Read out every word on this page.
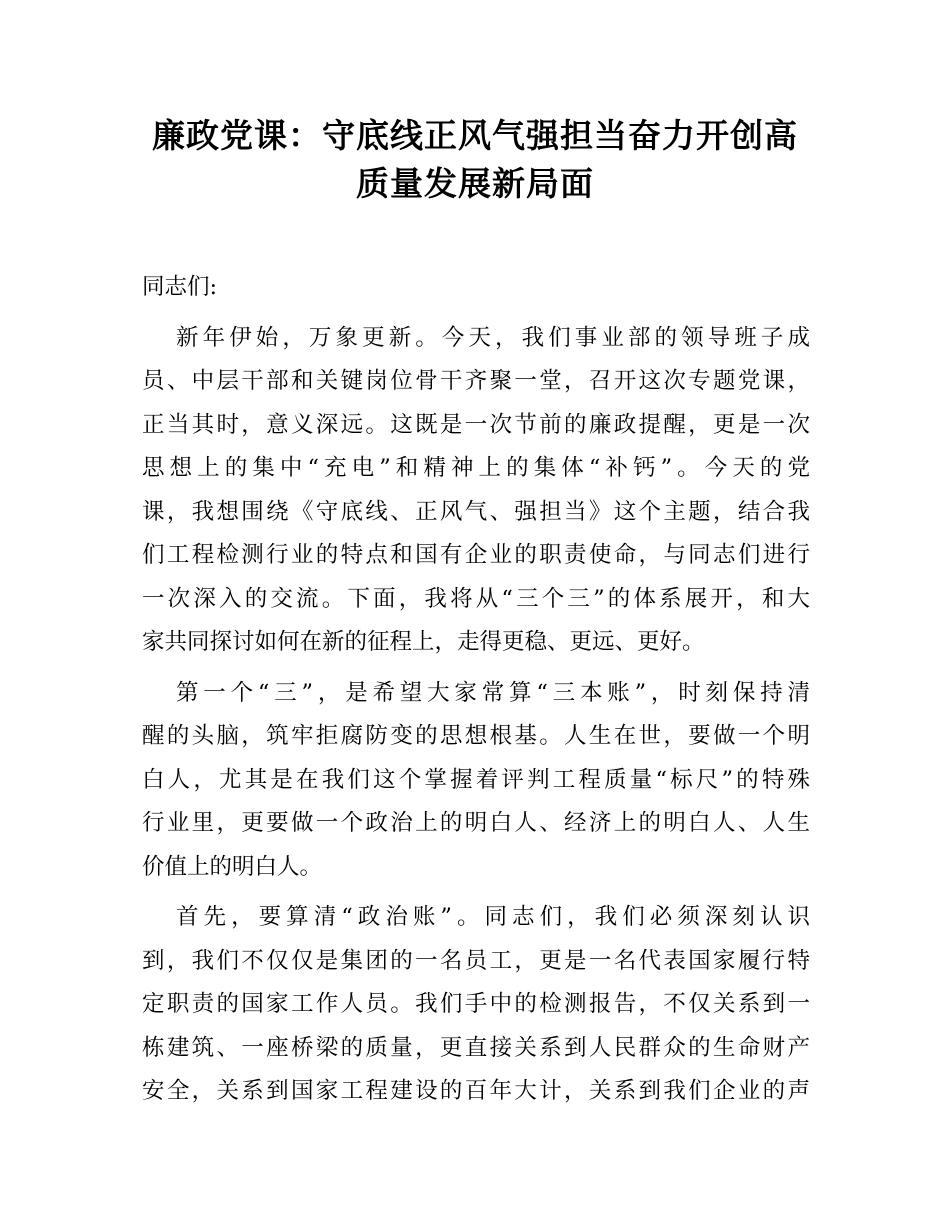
廉政党课：守底线正风气强担当奋力开创高
质量发展新局面

同志们:

新年伊始，万象更新。今天，我们事业部的领导班子成
员、中层干部和关键岗位骨干齐聚一堂，召开这次专题党课，
正当其时，意义深远。这既是一次节前的廉政提醒，更是一次
思想上的集中“充电”和精神上的集体“补钙”。今天的党
课，我想围绕《守底线、正风气、强担当》这个主题，结合我
们工程检测行业的特点和国有企业的职责使命，与同志们进行
一次深入的交流。下面，我将从“三个三”的体系展开，和大
家共同探讨如何在新的征程上，走得更稳、更远、更好。

第一个“三”，是希望大家常算“三本账”，时刻保持清
醒的头脑，筑牢拒腐防变的思想根基。人生在世，要做一个明
白人，尤其是在我们这个掌握着评判工程质量“标尺”的特殊
行业里，更要做一个政治上的明白人、经济上的明白人、人生
价值上的明白人。

首先，要算清“政治账”。同志们，我们必须深刻认识
到，我们不仅仅是集团的一名员工，更是一名代表国家履行特
定职责的国家工作人员。我们手中的检测报告，不仅关系到一
栋建筑、一座桥梁的质量，更直接关系到人民群众的生命财产
安全，关系到国家工程建设的百年大计，关系到我们企业的声
